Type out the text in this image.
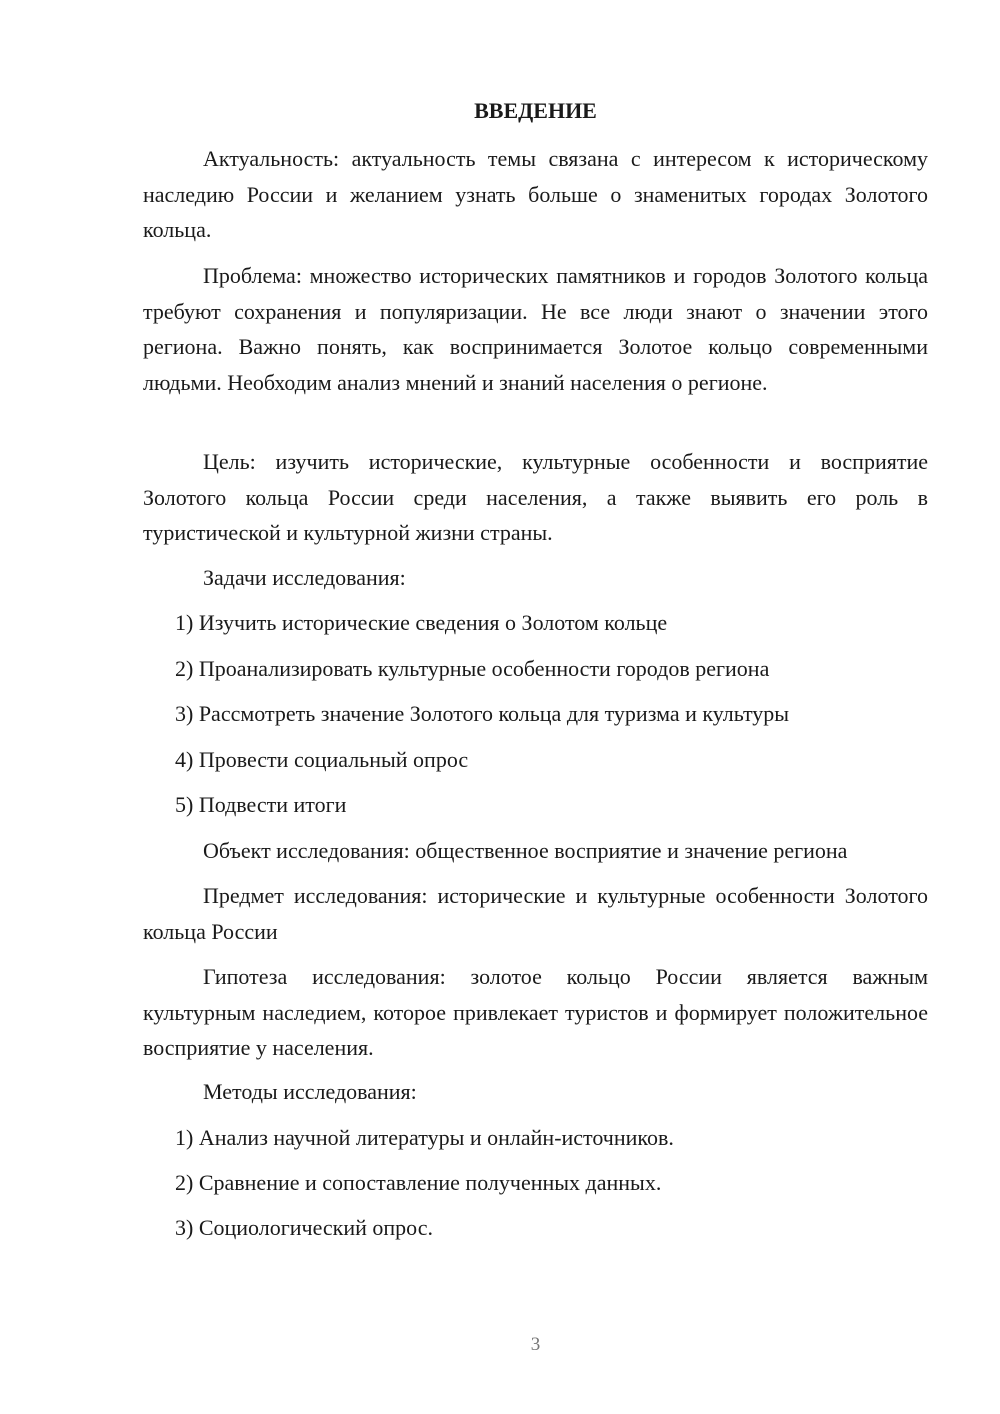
ВВЕДЕНИЕ

Актуальность: актуальность темы связана с интересом к историческому наследию России и желанием узнать больше о знаменитых городах Золотого кольца.

Проблема: множество исторических памятников и городов Золотого кольца требуют сохранения и популяризации. Не все люди знают о значении этого региона. Важно понять, как воспринимается Золотое кольцо современными людьми. Необходим анализ мнений и знаний населения о регионе.

Цель: изучить исторические, культурные особенности и восприятие Золотого кольца России среди населения, а также выявить его роль в туристической и культурной жизни страны.

Задачи исследования:

1) Изучить исторические сведения о Золотом кольце

2) Проанализировать культурные особенности городов региона

3) Рассмотреть значение Золотого кольца для туризма и культуры

4) Провести социальный опрос

5) Подвести итоги

Объект исследования: общественное восприятие и значение региона

Предмет исследования: исторические и культурные особенности Золотого кольца России

Гипотеза исследования: золотое кольцо России является важным культурным наследием, которое привлекает туристов и формирует положительное восприятие у населения.

Методы исследования:

1) Анализ научной литературы и онлайн-источников.

2) Сравнение и сопоставление полученных данных.

3) Социологический опрос.

3
